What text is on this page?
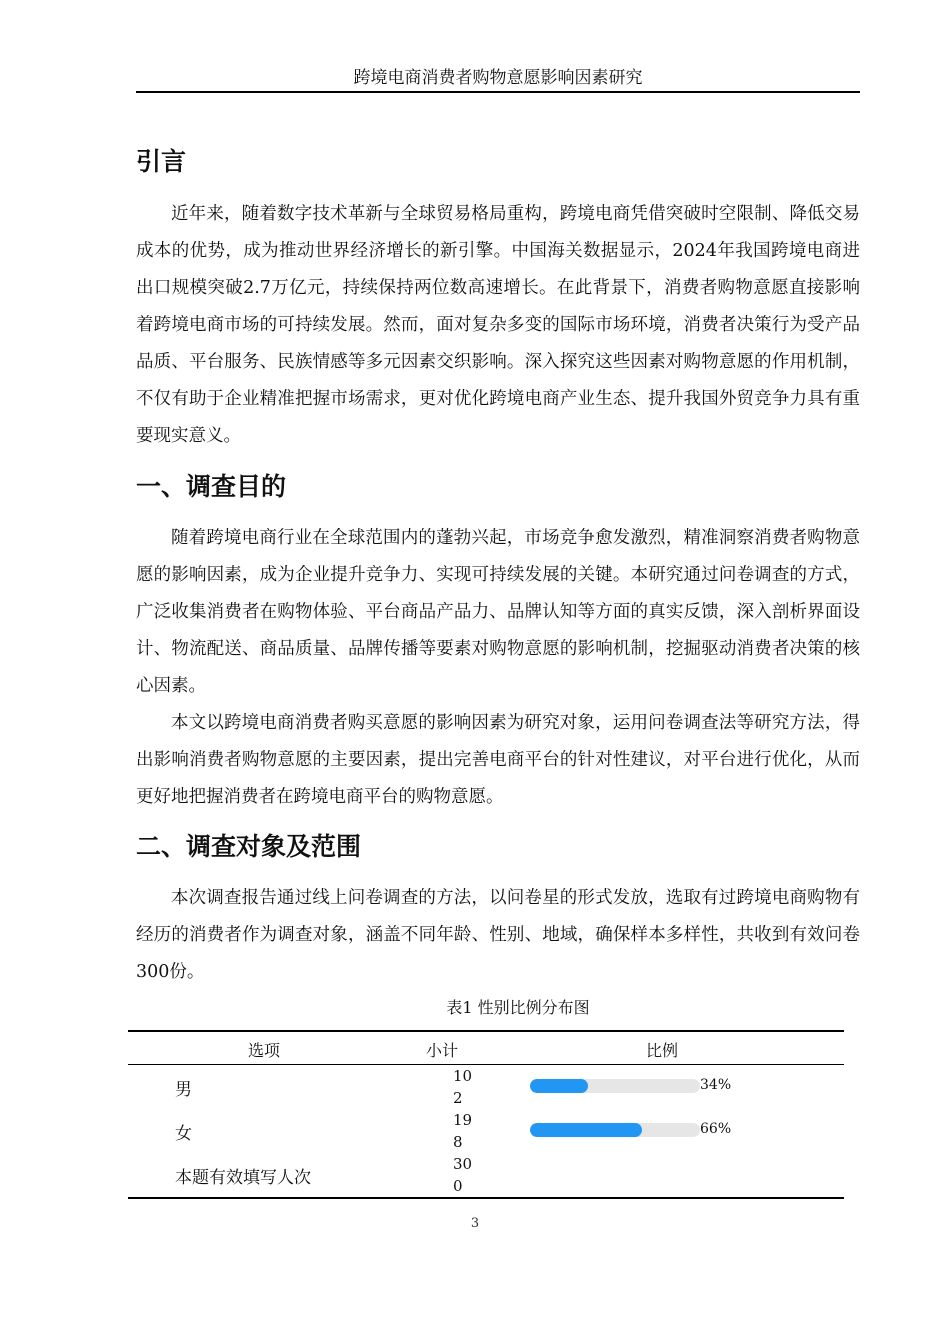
跨境电商消费者购物意愿影响因素研究
引言

近年来，随着数字技术革新与全球贸易格局重构，跨境电商凭借突破时空限制、降低交易成本的优势，成为推动世界经济增长的新引擎。中国海关数据显示，2024年我国跨境电商进出口规模突破2.7万亿元，持续保持两位数高速增长。在此背景下，消费者购物意愿直接影响着跨境电商市场的可持续发展。然而，面对复杂多变的国际市场环境，消费者决策行为受产品品质、平台服务、民族情感等多元因素交织影响。深入探究这些因素对购物意愿的作用机制，不仅有助于企业精准把握市场需求，更对优化跨境电商产业生态、提升我国外贸竞争力具有重要现实意义。

一、调查目的

随着跨境电商行业在全球范围内的蓬勃兴起，市场竞争愈发激烈，精准洞察消费者购物意愿的影响因素，成为企业提升竞争力、实现可持续发展的关键。本研究通过问卷调查的方式，广泛收集消费者在购物体验、平台商品产品力、品牌认知等方面的真实反馈，深入剖析界面设计、物流配送、商品质量、品牌传播等要素对购物意愿的影响机制，挖掘驱动消费者决策的核心因素。

本文以跨境电商消费者购买意愿的影响因素为研究对象，运用问卷调查法等研究方法，得出影响消费者购物意愿的主要因素，提出完善电商平台的针对性建议，对平台进行优化，从而更好地把握消费者在跨境电商平台的购物意愿。

二、调查对象及范围

本次调查报告通过线上问卷调查的方法，以问卷星的形式发放，选取有过跨境电商购物有经历的消费者作为调查对象，涵盖不同年龄、性别、地域，确保样本多样性，共收到有效问卷300份。

表1 性别比例分布图
选项	小计	比例
男
102
34%
女
198
66%
本题有效填写人次
300
3
